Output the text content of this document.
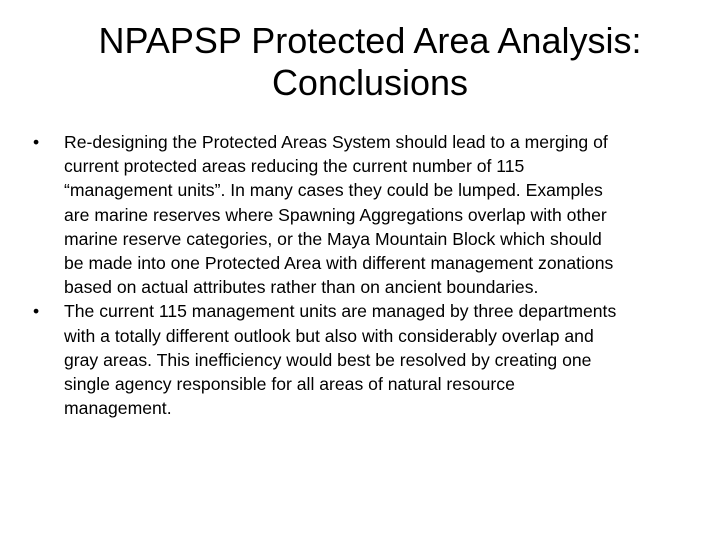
NPAPSP Protected Area Analysis:
Conclusions
•	Re-designing the Protected Areas System should lead to a merging of
current protected areas reducing the current number of 115
“management units”. In many cases they could be lumped. Examples
are marine reserves where Spawning Aggregations overlap with other
marine reserve categories, or the Maya Mountain Block which should
be made into one Protected Area with different management zonations
based on actual attributes rather than on ancient boundaries.
•	The current 115 management units are managed by three departments
with a totally different outlook but also with considerably overlap and
gray areas. This inefficiency would best be resolved by creating one
single agency responsible for all areas of natural resource
management.
